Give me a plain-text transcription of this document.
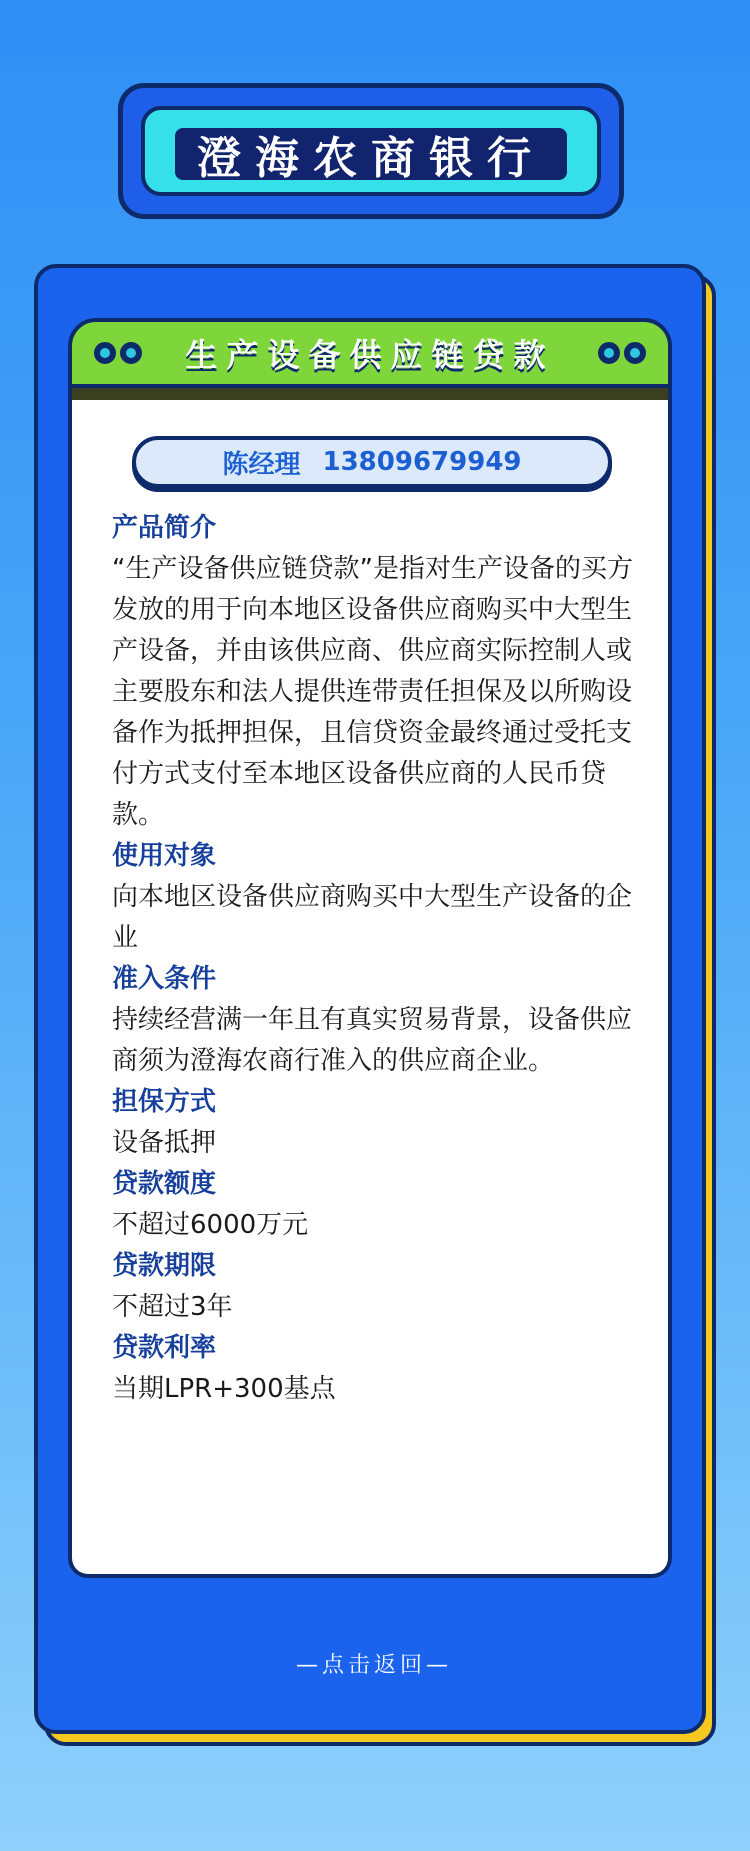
澄海农商银行
生产设备供应链贷款
陈经理 13809679949
产品简介

“生产设备供应链贷款”是指对生产设备的买方发放的用于向本地区设备供应商购买中大型生产设备，并由该供应商、供应商实际控制人或主要股东和法人提供连带责任担保及以所购设备作为抵押担保，且信贷资金最终通过受托支付方式支付至本地区设备供应商的人民币贷款。

使用对象

向本地区设备供应商购买中大型生产设备的企业

准入条件

持续经营满一年且有真实贸易背景，设备供应商须为澄海农商行准入的供应商企业。

担保方式

设备抵押

贷款额度

不超过6000万元

贷款期限

不超过3年

贷款利率

当期LPR+300基点

—点击返回—
